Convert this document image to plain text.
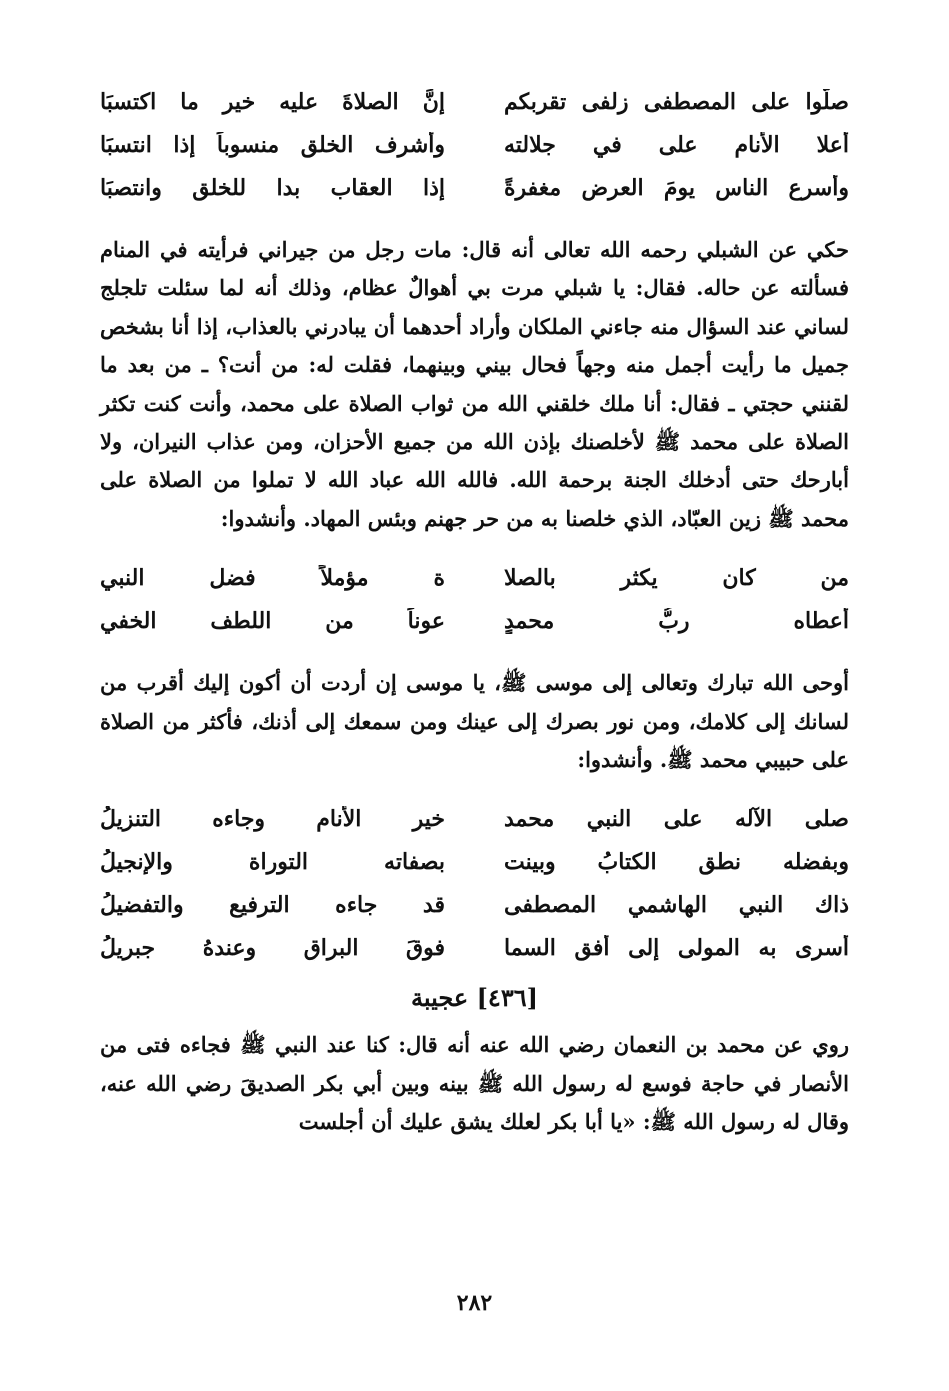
صلُّوا على المصطفى زلفى تقربكم
إنَّ الصلاةَ عليه خير ما اكتسبَا
أعلا الأنام على في جلالته
وأشرف الخلق منسوباً إذا انتسبَا
وأسرع الناس يومَ العرض مغفرةً
إذا العقاب بدا للخلق وانتصبَا

حكي عن الشبلي رحمه الله تعالى أنه قال: مات رجل من جيراني فرأيته في المنام فسألته عن حاله. فقال: يا شبلي مرت بي أهوالٌ عظام، وذلك أنه لما سئلت تلجلج لساني عند السؤال منه جاءني الملكان وأراد أحدهما أن يبادرني بالعذاب، إذا أنا بشخص جميل ما رأيت أجمل منه وجهاً فحال بيني وبينهما، فقلت له: من أنت؟ ـ من بعد ما لقنني حجتي ـ فقال: أنا ملك خلقني الله من ثواب الصلاة على محمد، وأنت كنت تكثر الصلاة على محمد ﷺ لأخلصنك بإذن الله من جميع الأحزان، ومن عذاب النيران، ولا أبارحك حتى أدخلك الجنة برحمة الله. فالله الله عباد الله لا تملوا من الصلاة على محمد ﷺ زين العبّاد، الذي خلصنا به من حر جهنم وبئس المهاد. وأنشدوا:

من كان يكثر بالصلا
ة مؤملاً فضل النبي
أعطاه ربُّ محمدٍ
عوناً من اللطف الخفي

أوحى الله تبارك وتعالى إلى موسى ﷺ، يا موسى إن أردت أن أكون إليك أقرب من لسانك إلى كلامك، ومن نور بصرك إلى عينك ومن سمعك إلى أذنك، فأكثر من الصلاة على حبيبي محمد ﷺ. وأنشدوا:

صلى الآله على النبي محمد
خير الأنام وجاءه التنزيلُ
وبفضله نطق الكتابُ وبينت
بصفاته التوراة والإنجيلُ
ذاك النبي الهاشمي المصطفى
قد جاءه الترفيع والتفضيلُ
أسرى به المولى إلى أفق السما
فوقَ البراقِ وعندهُ جبريلُ
[٤٣٦] عجيبة

روي عن محمد بن النعمان رضي الله عنه أنه قال: كنا عند النبي ﷺ فجاءه فتى من الأنصار في حاجة فوسع له رسول الله ﷺ بينه وبين أبي بكر الصديقَ رضي الله عنه، وقال له رسول الله ﷺ: «يا أبا بكر لعلك يشق عليك أن أجلست

٢٨٢
